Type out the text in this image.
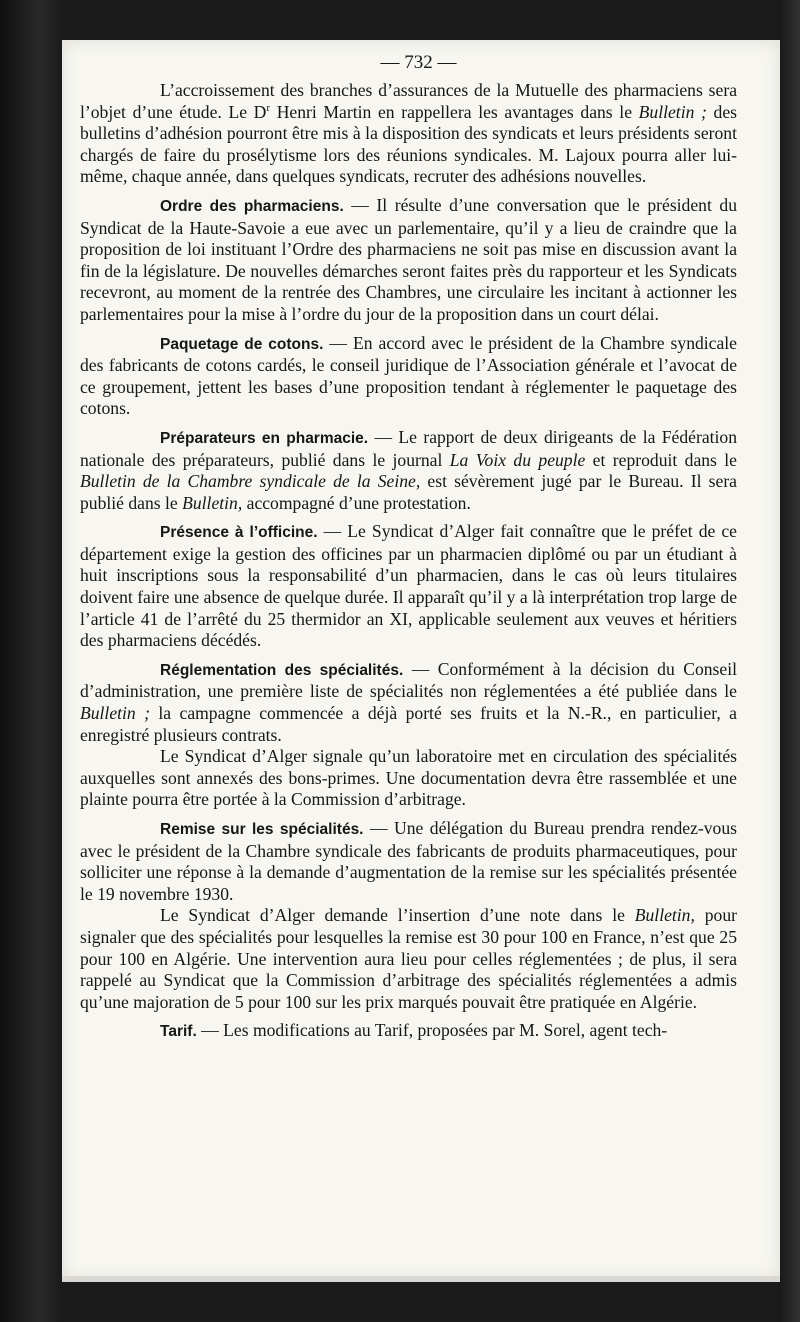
— 732 —

L’accroissement des branches d’assurances de la Mutuelle des pharmaciens sera l’objet d’une étude. Le $D^r$ Henri Martin en rappellera les avantages dans le Bulletin ; des bulletins d’adhésion pourront être mis à la disposition des syndicats et leurs présidents seront chargés de faire du prosélytisme lors des réunions syndicales. M. Lajoux pourra aller lui-même, chaque année, dans quelques syndicats, recruter des adhésions nouvelles.

Ordre des pharmaciens. — Il résulte d’une conversation que le président du Syndicat de la Haute-Savoie a eue avec un parlementaire, qu’il y a lieu de craindre que la proposition de loi instituant l’Ordre des pharmaciens ne soit pas mise en discussion avant la fin de la législature. De nouvelles démarches seront faites près du rapporteur et les Syndicats recevront, au moment de la rentrée des Chambres, une circulaire les incitant à actionner les parlementaires pour la mise à l’ordre du jour de la proposition dans un court délai.

Paquetage de cotons. — En accord avec le président de la Chambre syndicale des fabricants de cotons cardés, le conseil juridique de l’Association générale et l’avocat de ce groupement, jettent les bases d’une proposition tendant à réglementer le paquetage des cotons.

Préparateurs en pharmacie. — Le rapport de deux dirigeants de la Fédération nationale des préparateurs, publié dans le journal La Voix du peuple et reproduit dans le Bulletin de la Chambre syndicale de la Seine, est sévèrement jugé par le Bureau. Il sera publié dans le Bulletin, accompagné d’une protestation.

Présence à l’officine. — Le Syndicat d’Alger fait connaître que le préfet de ce département exige la gestion des officines par un pharmacien diplômé ou par un étudiant à huit inscriptions sous la responsabilité d’un pharmacien, dans le cas où leurs titulaires doivent faire une absence de quelque durée. Il apparaît qu’il y a là interprétation trop large de l’article 41 de l’arrêté du 25 thermidor an XI, applicable seulement aux veuves et héritiers des pharmaciens décédés.

Réglementation des spécialités. — Conformément à la décision du Conseil d’administration, une première liste de spécialités non réglementées a été publiée dans le Bulletin ; la campagne commencée a déjà porté ses fruits et la N.-R., en particulier, a enregistré plusieurs contrats.

Le Syndicat d’Alger signale qu’un laboratoire met en circulation des spécialités auxquelles sont annexés des bons-primes. Une documentation devra être rassemblée et une plainte pourra être portée à la Commission d’arbitrage.

Remise sur les spécialités. — Une délégation du Bureau prendra rendez-vous avec le président de la Chambre syndicale des fabricants de produits pharmaceutiques, pour solliciter une réponse à la demande d’augmentation de la remise sur les spécialités présentée le 19 novembre 1930.

Le Syndicat d’Alger demande l’insertion d’une note dans le Bulletin, pour signaler que des spécialités pour lesquelles la remise est 30 pour 100 en France, n’est que 25 pour 100 en Algérie. Une intervention aura lieu pour celles réglementées ; de plus, il sera rappelé au Syndicat que la Commission d’arbitrage des spécialités réglementées a admis qu’une majoration de 5 pour 100 sur les prix marqués pouvait être pratiquée en Algérie.

Tarif. — Les modifications au Tarif, proposées par M. Sorel, agent tech-
